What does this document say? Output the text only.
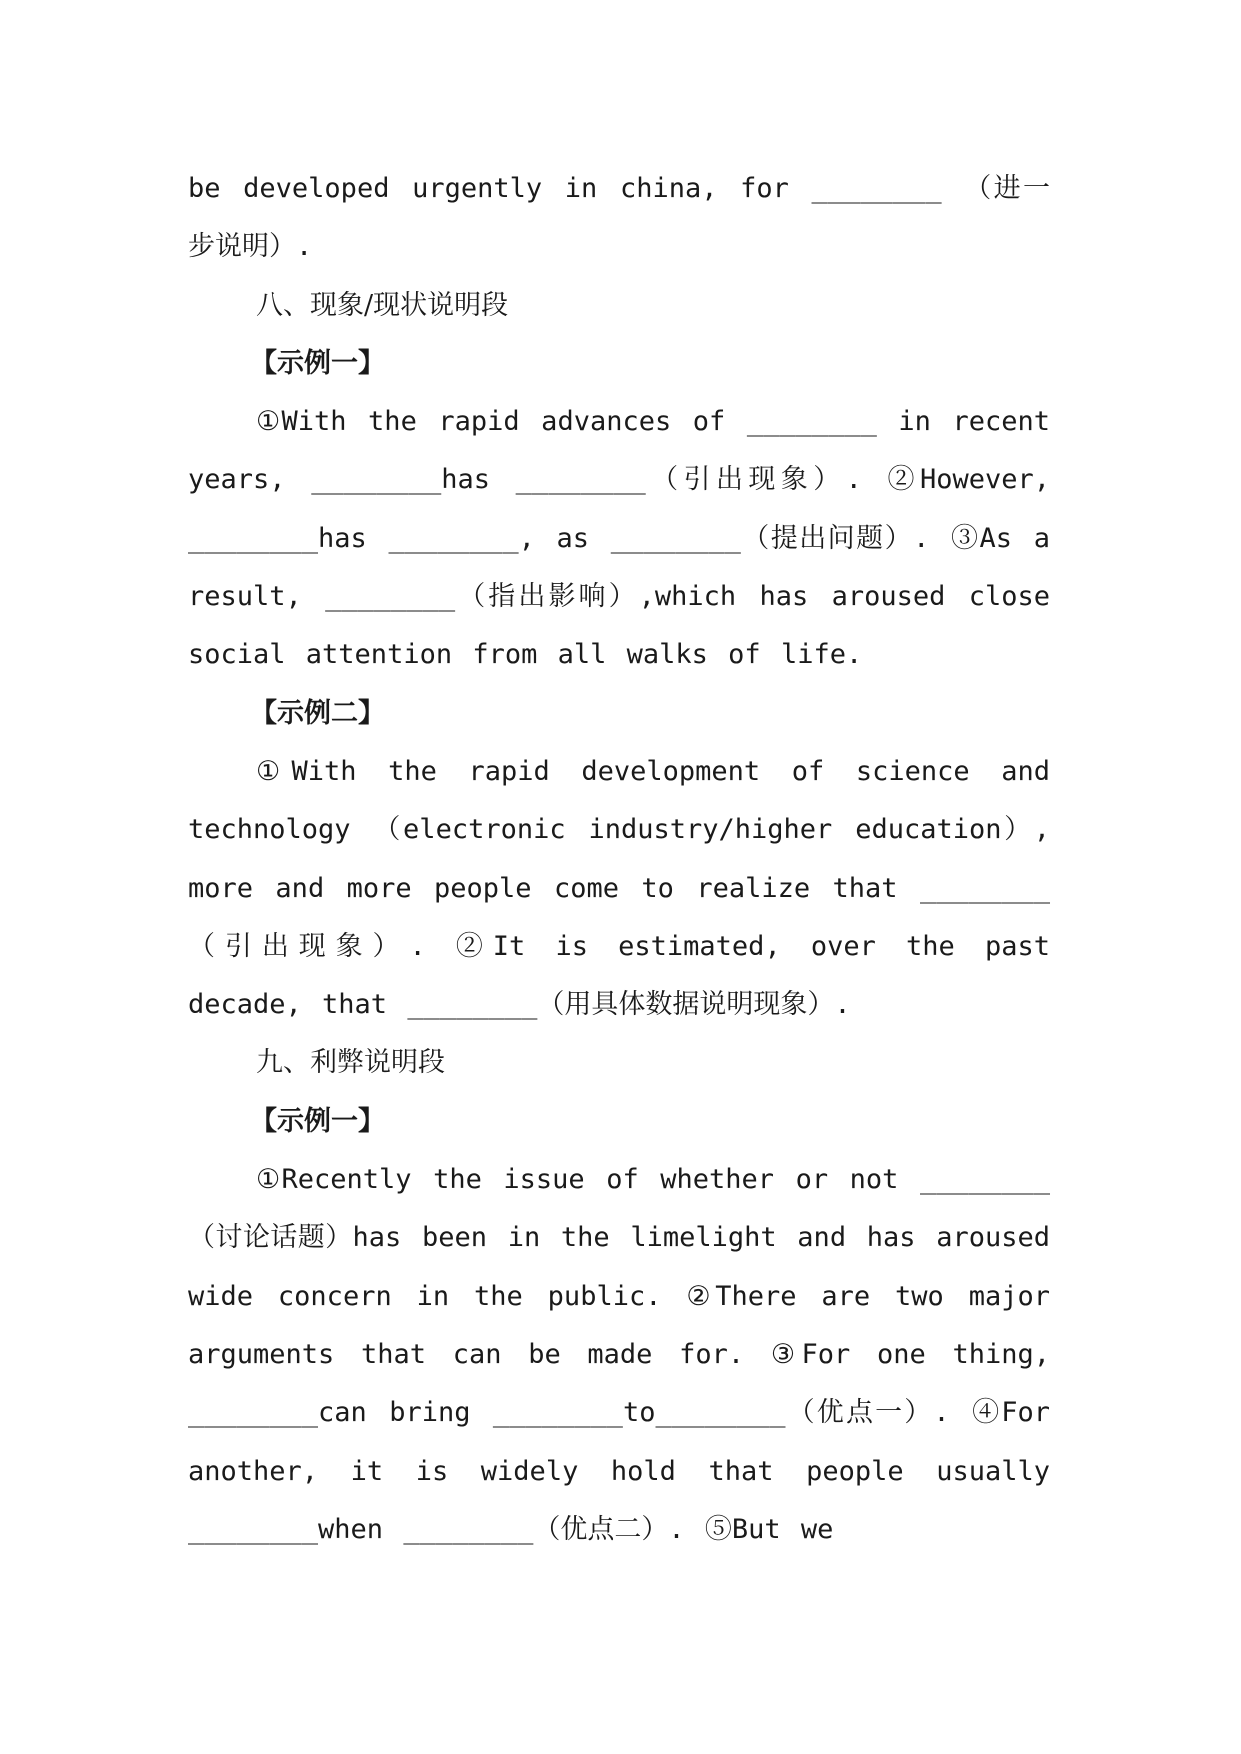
be developed urgently in china, for ________ （进一步说明）.

八、现象/现状说明段

【示例一】

①With the rapid advances of ________ in recent years, ________has ________（引出现象）. ②However, ________has ________, as ________（提出问题）. ③As a result, ________（指出影响）,which has aroused close social attention from all walks of life.

【示例二】

①With the rapid development of science and technology （electronic industry/higher education）, more and more people come to realize that ________（引出现象）. ②It is estimated, over the past decade, that ________（用具体数据说明现象）.

九、利弊说明段

【示例一】

①Recently the issue of whether or not ________（讨论话题）has been in the limelight and has aroused wide concern in the public. ②There are two major arguments that can be made for. ③For one thing, ________can bring ________to________（优点一）. ④For another, it is widely hold that people usually ________when ________（优点二）. ⑤But we
